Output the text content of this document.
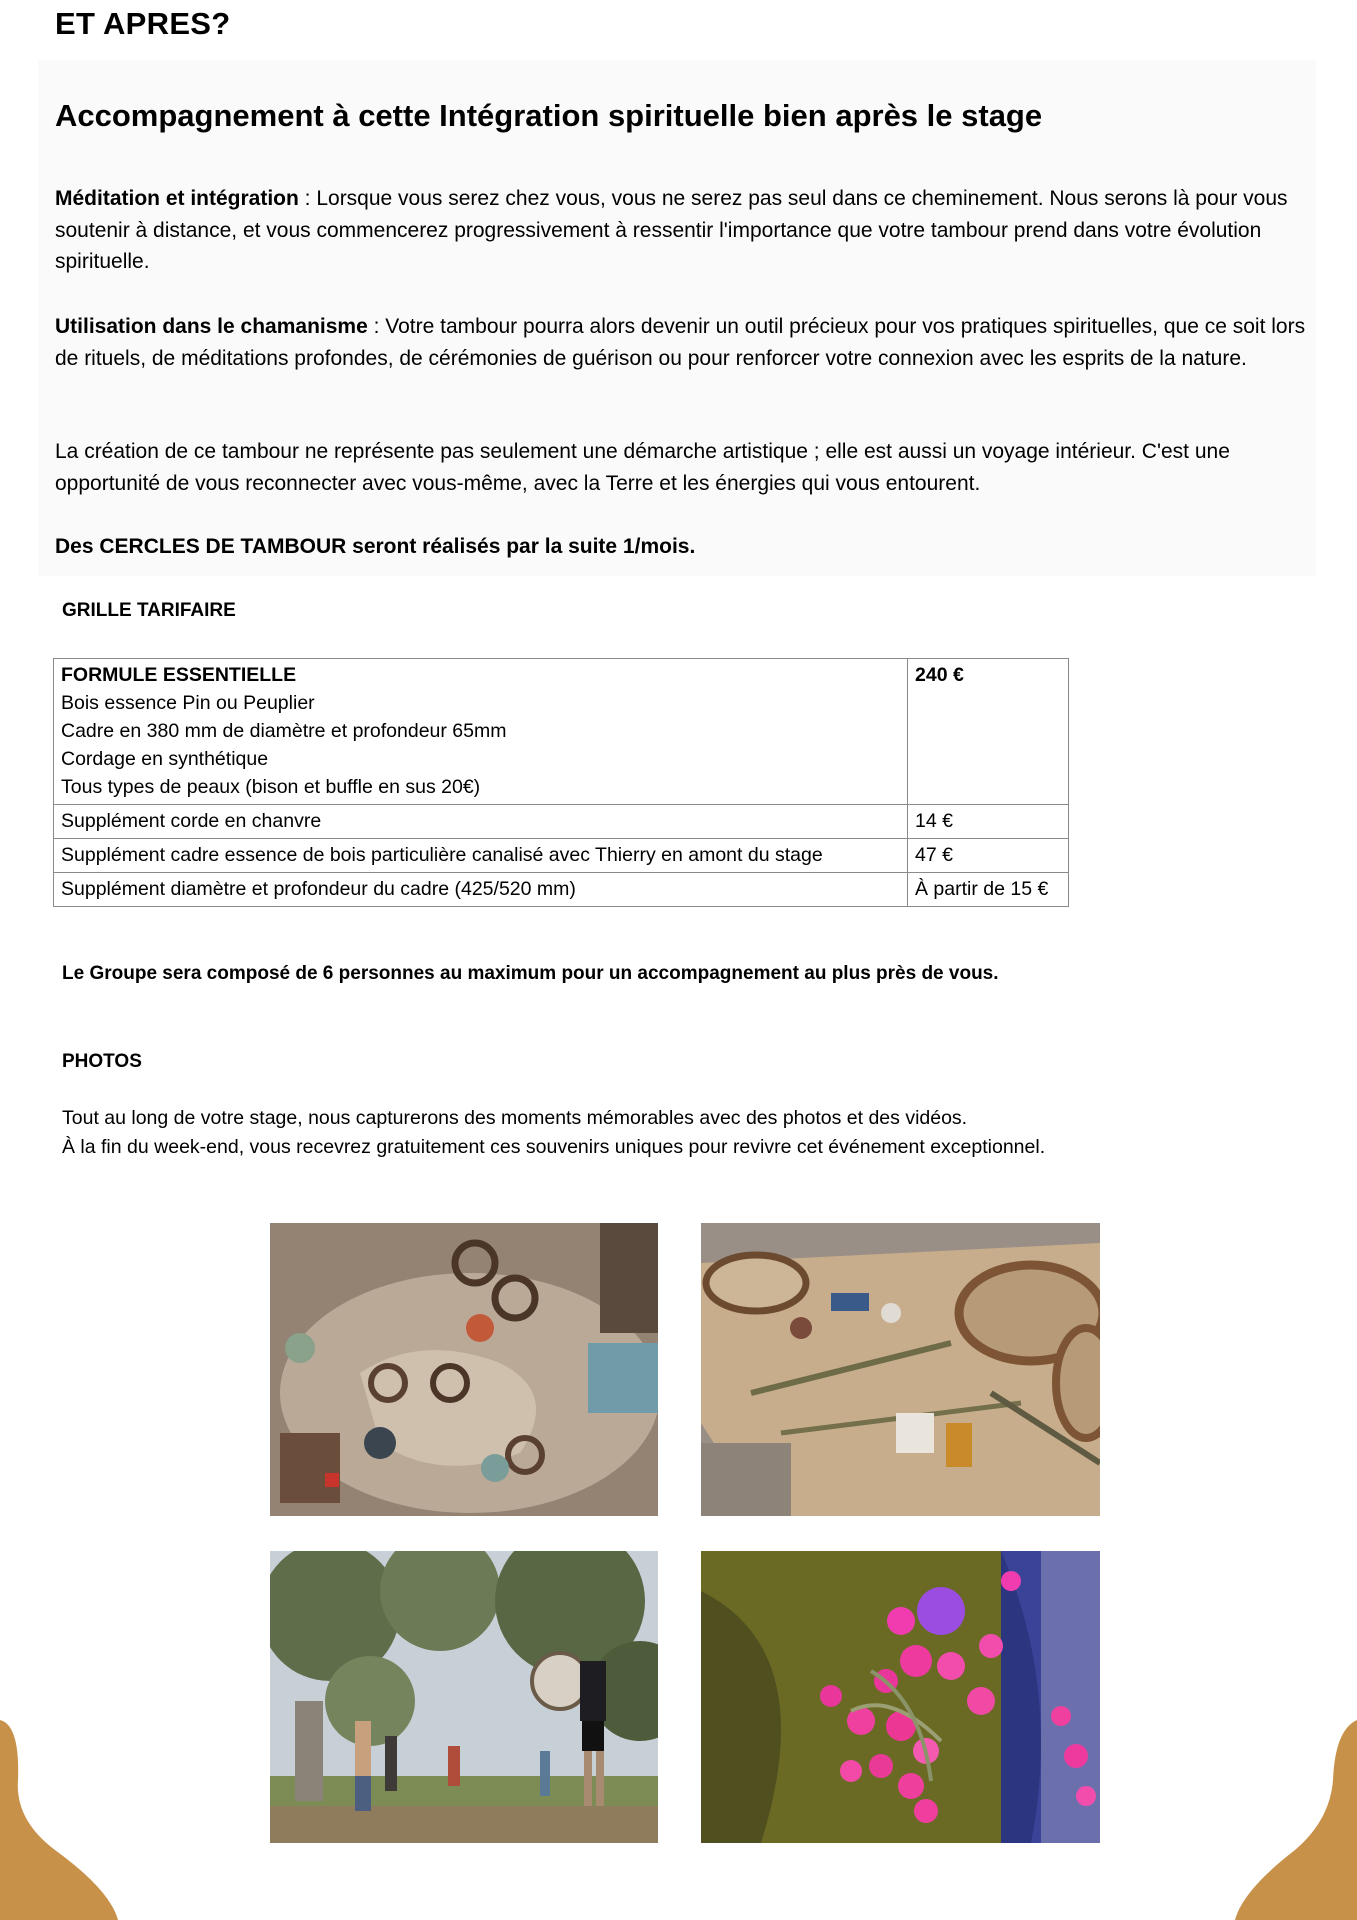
ET APRES?
Accompagnement à cette Intégration spirituelle bien après le stage
Méditation et intégration : Lorsque vous serez chez vous, vous ne serez pas seul dans ce cheminement. Nous serons là pour vous soutenir à distance, et vous commencerez progressivement à ressentir l'importance que votre tambour prend dans votre évolution spirituelle.
Utilisation dans le chamanisme : Votre tambour pourra alors devenir un outil précieux pour vos pratiques spirituelles, que ce soit lors de rituels, de méditations profondes, de cérémonies de guérison ou pour renforcer votre connexion avec les esprits de la nature.
La création de ce tambour ne représente pas seulement une démarche artistique ; elle est aussi un voyage intérieur. C'est une opportunité de vous reconnecter avec vous-même, avec la Terre et les énergies qui vous entourent.
Des CERCLES DE TAMBOUR seront réalisés par la suite 1/mois.
GRILLE TARIFAIRE
FORMULE ESSENTIELLE
Bois essence Pin ou Peuplier
Cadre en 380 mm de diamètre et profondeur 65mm
Cordage en synthétique
Tous types de peaux (bison et buffle en sus 20€)	240 €
Supplément corde en chanvre	14 €
Supplément cadre essence de bois particulière canalisé avec Thierry en amont du stage	47 €
Supplément diamètre et profondeur du cadre (425/520 mm)	À partir de 15 €
Le Groupe sera composé de 6 personnes au maximum pour un accompagnement au plus près de vous.
PHOTOS
Tout au long de votre stage, nous capturerons des moments mémorables avec des photos et des vidéos.
À la fin du week-end, vous recevrez gratuitement ces souvenirs uniques pour revivre cet événement exceptionnel.
